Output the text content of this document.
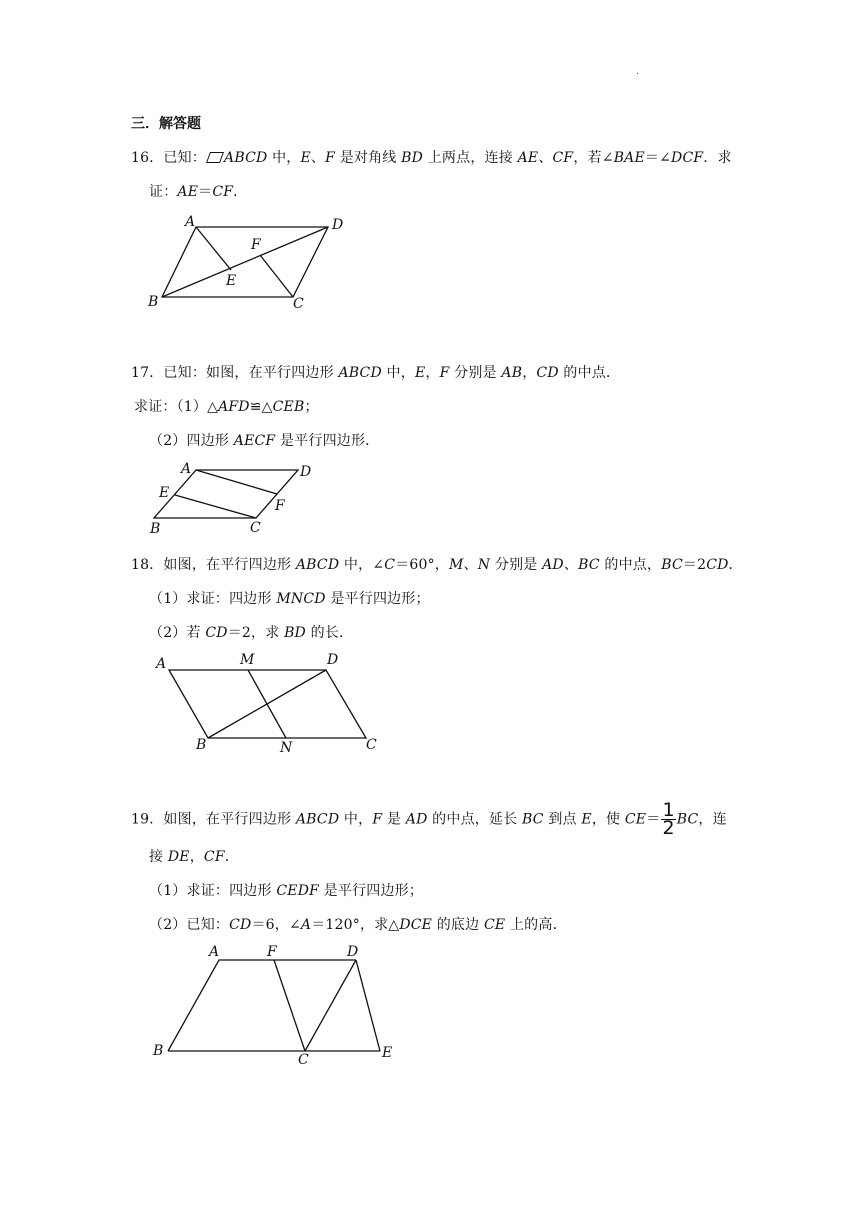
.
三．解答题
16．已知： ABCD 中，E、F 是对角线 BD 上两点，连接 AE、CF，若∠BAE＝∠DCF．求
证：AE＝CF．
A	D
F
E
B	C
17．已知：如图，在平行四边形 ABCD 中，E，F 分别是 AB，CD 的中点．
求证：（1）△AFD≌△CEB；
（2）四边形 AECF 是平行四边形．
A	D
E
F
B	C
18．如图，在平行四边形 ABCD 中，∠C＝60°，M、N 分别是 AD、BC 的中点，BC＝2CD．
（1）求证：四边形 MNCD 是平行四边形；
（2）若 CD＝2，求 BD 的长．
A	M	D
B	N	C
19．如图，在平行四边形 ABCD 中，F 是 AD 的中点，延长 BC 到点 E，使 $CE= \frac{1}{2}$ BC，连
接 DE，CF．
（1）求证：四边形 CEDF 是平行四边形；
（2）已知：CD＝6，∠A＝120°，求△DCE 的底边 CE 上的高．
A	F	D
B
C	E
